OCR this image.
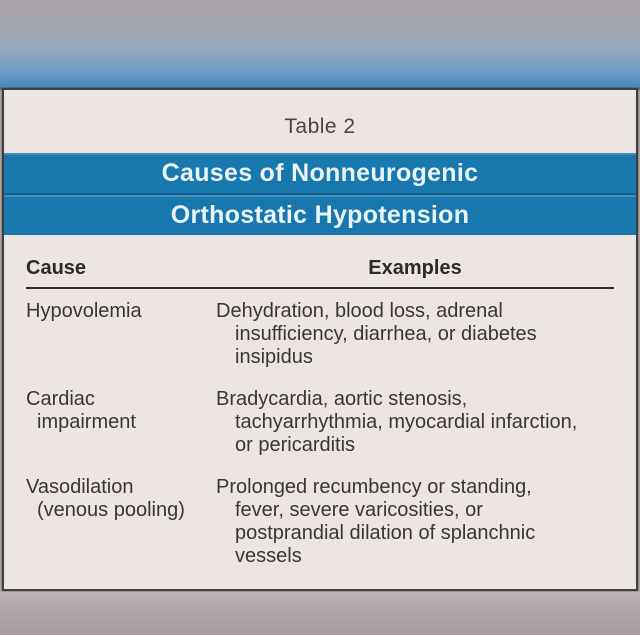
Table 2
Causes of Nonneurogenic
Orthostatic Hypotension
Cause	Examples
Hypovolemia	Dehydration, blood loss, adrenal
insufficiency, diarrhea, or diabetes
insipidus
Cardiac
impairment
Bradycardia, aortic stenosis,
tachyarrhythmia, myocardial infarction,
or pericarditis
Vasodilation
(venous pooling)
Prolonged recumbency or standing,
fever, severe varicosities, or
postprandial dilation of splanchnic
vessels
